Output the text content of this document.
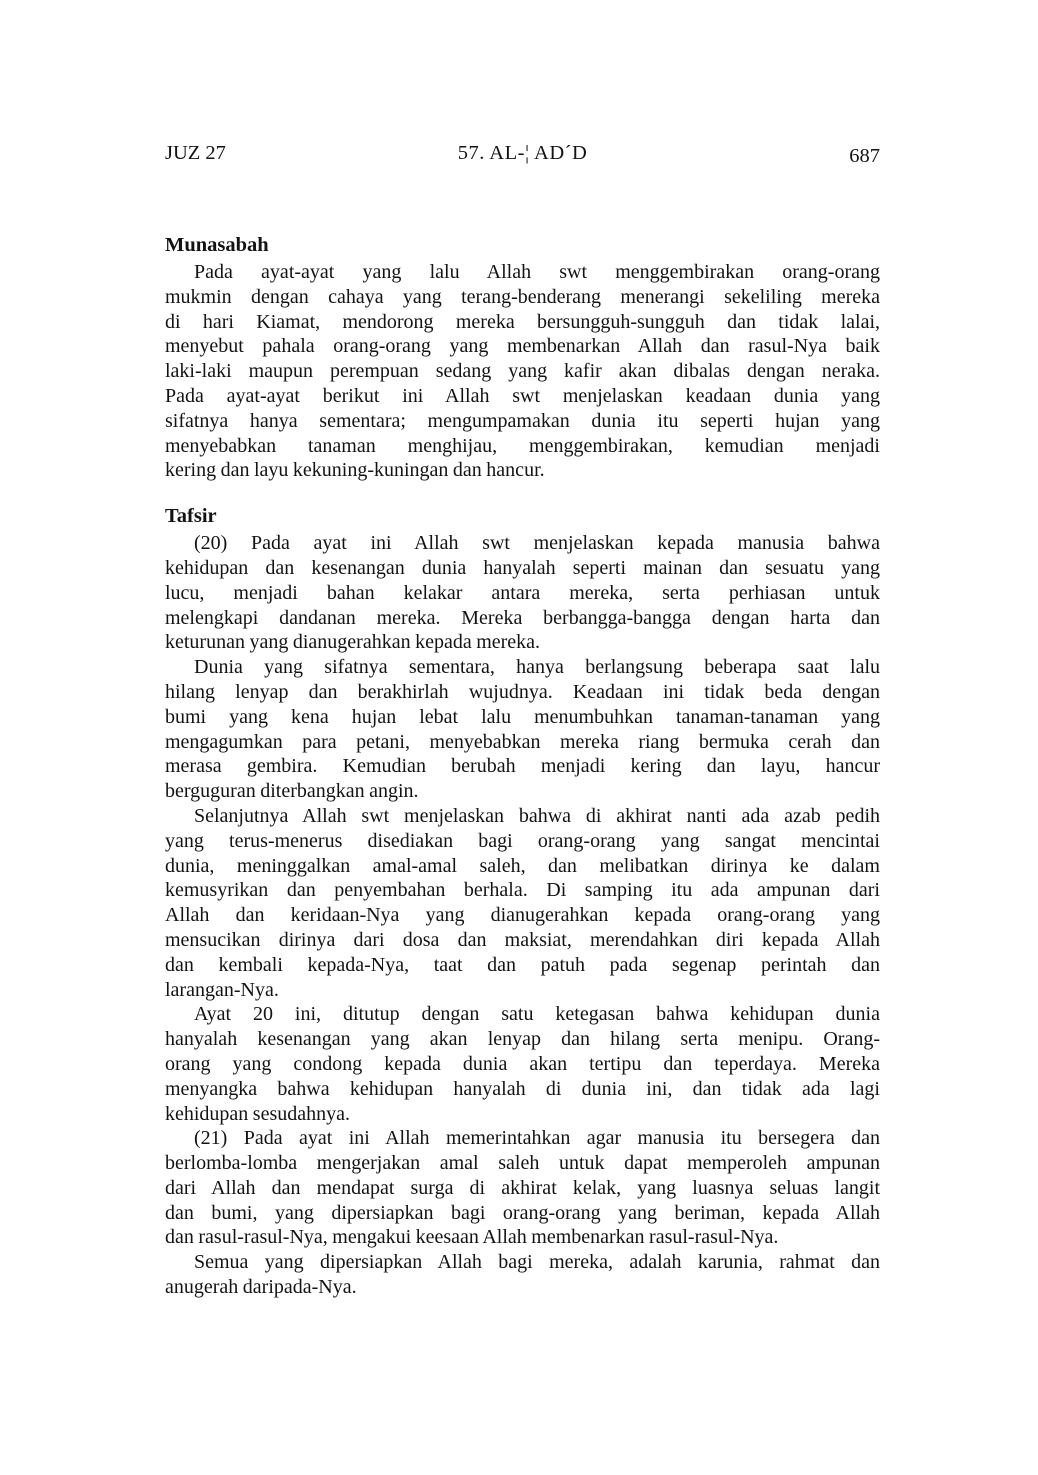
JUZ 27	57. AL-¦ AD´D	687
Munasabah
Pada ayat-ayat yang lalu Allah swt menggembirakan orang-orang
mukmin dengan cahaya yang terang-benderang menerangi sekeliling mereka
di hari Kiamat, mendorong mereka bersungguh-sungguh dan tidak lalai,
menyebut pahala orang-orang yang membenarkan Allah dan rasul-Nya baik
laki-laki maupun perempuan sedang yang kafir akan dibalas dengan neraka.
Pada ayat-ayat berikut ini Allah swt menjelaskan keadaan dunia yang
sifatnya hanya sementara; mengumpamakan dunia itu seperti hujan yang
menyebabkan tanaman menghijau, menggembirakan, kemudian menjadi
kering dan layu kekuning-kuningan dan hancur.
Tafsir
(20) Pada ayat ini Allah swt menjelaskan kepada manusia bahwa
kehidupan dan kesenangan dunia hanyalah seperti mainan dan sesuatu yang
lucu, menjadi bahan kelakar antara mereka, serta perhiasan untuk
melengkapi dandanan mereka. Mereka berbangga-bangga dengan harta dan
keturunan yang dianugerahkan kepada mereka.
Dunia yang sifatnya sementara, hanya berlangsung beberapa saat lalu
hilang lenyap dan berakhirlah wujudnya. Keadaan ini tidak beda dengan
bumi yang kena hujan lebat lalu menumbuhkan tanaman-tanaman yang
mengagumkan para petani, menyebabkan mereka riang bermuka cerah dan
merasa gembira. Kemudian berubah menjadi kering dan layu, hancur
berguguran diterbangkan angin.
Selanjutnya Allah swt menjelaskan bahwa di akhirat nanti ada azab pedih
yang terus-menerus disediakan bagi orang-orang yang sangat mencintai
dunia, meninggalkan amal-amal saleh, dan melibatkan dirinya ke dalam
kemusyrikan dan penyembahan berhala. Di samping itu ada ampunan dari
Allah dan keridaan-Nya yang dianugerahkan kepada orang-orang yang
mensucikan dirinya dari dosa dan maksiat, merendahkan diri kepada Allah
dan kembali kepada-Nya, taat dan patuh pada segenap perintah dan
larangan-Nya.
Ayat 20 ini, ditutup dengan satu ketegasan bahwa kehidupan dunia
hanyalah kesenangan yang akan lenyap dan hilang serta menipu. Orang-
orang yang condong kepada dunia akan tertipu dan teperdaya. Mereka
menyangka bahwa kehidupan hanyalah di dunia ini, dan tidak ada lagi
kehidupan sesudahnya.
(21) Pada ayat ini Allah memerintahkan agar manusia itu bersegera dan
berlomba-lomba mengerjakan amal saleh untuk dapat memperoleh ampunan
dari Allah dan mendapat surga di akhirat kelak, yang luasnya seluas langit
dan bumi, yang dipersiapkan bagi orang-orang yang beriman, kepada Allah
dan rasul-rasul-Nya, mengakui keesaan Allah membenarkan rasul-rasul-Nya.
Semua yang dipersiapkan Allah bagi mereka, adalah karunia, rahmat dan
anugerah daripada-Nya.
